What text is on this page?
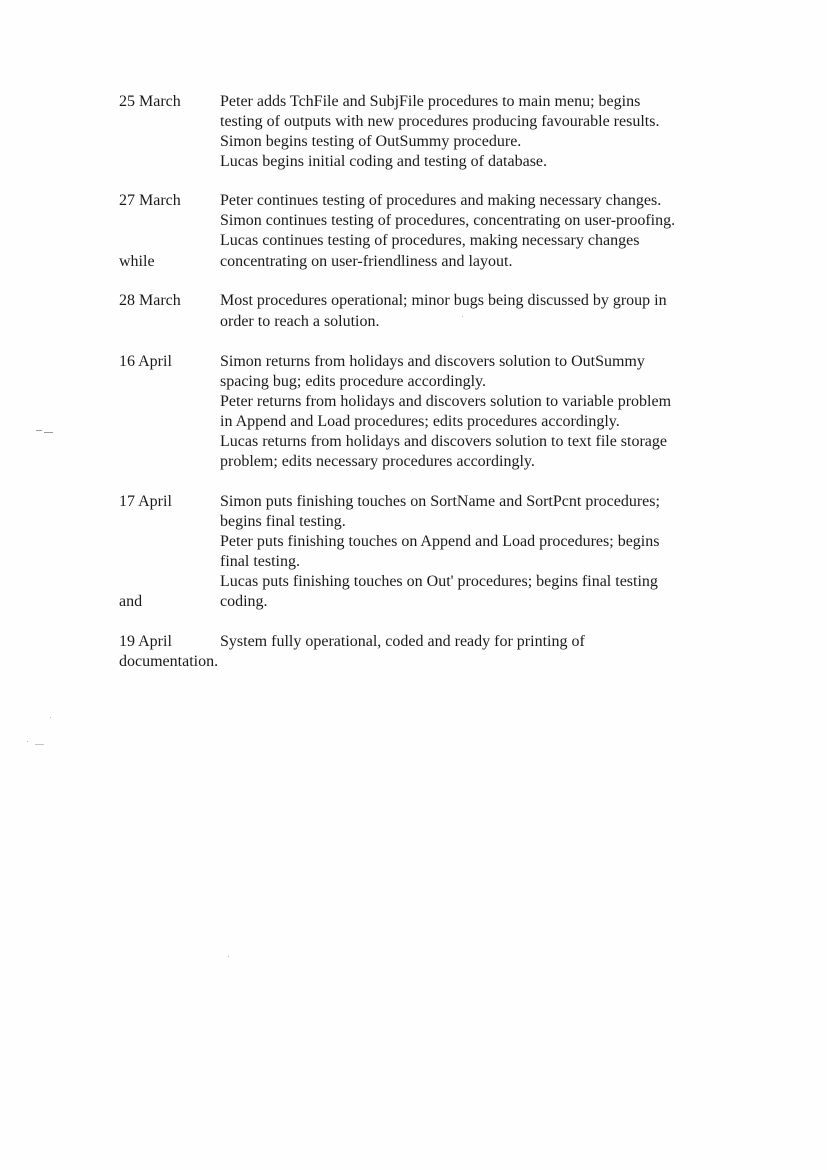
25 March Peter adds TchFile and SubjFile procedures to main menu; begins
testing of outputs with new procedures producing favourable results.
Simon begins testing of OutSummy procedure.
Lucas begins initial coding and testing of database.
27 March Peter continues testing of procedures and making necessary changes.
Simon continues testing of procedures, concentrating on user-proofing.
Lucas continues testing of procedures, making necessary changes
while	concentrating on user-friendliness and layout.
28 March Most procedures operational; minor bugs being discussed by group in
order to reach a solution.
16 April	Simon returns from holidays and discovers solution to OutSummy
spacing bug; edits procedure accordingly.
Peter returns from holidays and discovers solution to variable problem
in Append and Load procedures; edits procedures accordingly.
Lucas returns from holidays and discovers solution to text file storage
problem; edits necessary procedures accordingly.
17 April	Simon puts finishing touches on SortName and SortPcnt procedures;
begins final testing.
Peter puts finishing touches on Append and Load procedures; begins
final testing.
Lucas puts finishing touches on Out' procedures; begins final testing
and	coding.
19 April	System fully operational, coded and ready for printing of
documentation.
